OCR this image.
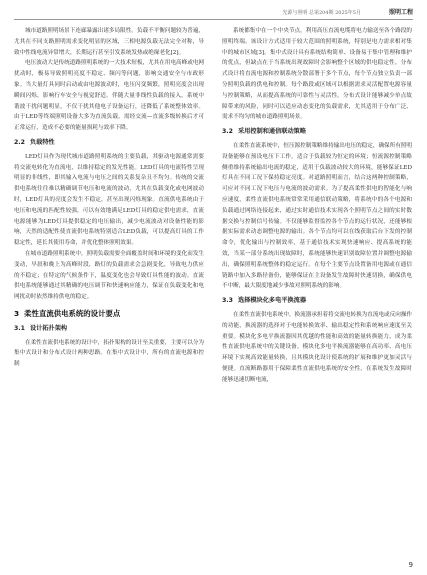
光源与照明 总第204期 2025年5月	照明工程

城市道路照明场景下连廊暴露出诸多局限性。负载不平衡问题较为普遍，尤其在不同支路照明需求变化明显的区域，三相电源负载无法完全对称，导致中性线电流异常增大，长期运行甚至引发系统发热或绝缘老化[2]。

电压波动大是传统道路照明系统的一大技术短板，尤其在用电高峰或电网扰动时，极易导致照明亮度不稳定、频闪等问题，影响交通安全与市政形象。当大量灯具同时启动或由电源波动时，电压闪变频繁，照明亮度会出现瞬间闪烁，影响行车安全与视觉舒适。伴随大量非线性负载的接入，系统中谐波干扰问题明显，不仅干扰其他电子设备运行，还降低了系统整体效率。由于LED等终端照明设备大多为直流负载，需经交流—直流多级转换后才可正常运行，造成不必要的能量损耗与效率下降。

2.2 负载特性

LED灯具作为现代城市道路照明系统的主要负载，其驱动电源通常需要将交流电转化为直流电，以维持稳定的发光性能。LED灯具的电流特性呈现明显的非线性，即其输入电流与电压之间的关系复杂且不均匀。传统的交流供电系统往往难以精确调节电压和电流的波动，尤其在负载变化或电网波动时，LED灯具的亮度会发生不稳定，甚至出现闪烁现象。直流供电系统由于电压和电流的匹配性较强，可以有效地满足LED灯具的稳定供电需求，直流电源能够为LED灯具提供稳定的电压输出，减少电流波动对设备性能的影响，天然的适配性使直流供电系统特别适合LED负载，可以提高灯具的工作稳定性，延长其使用寿命，并优化整体照明效果。

在城市道路照明系统中，照明负载需要全面覆盖时间和环境的变化而发生变动，早晨和晚上为高峰时段，路灯的负载需求会急剧变化，导致电力供应的不稳定；在特定的气候条件下，温度变化也会导致灯具性能的波动。直流供电系统能够通过其精确的电压调节和快速响应能力，保证在负载变化和电网扰动时依然维持供电的稳定。

3 柔性直流供电系统的设计要点
3.1 设计拓扑架构

在柔性直流供电系统的设计中，拓扑架构的设计至关重要，主要可以分为集中式设计和分布式设计两种思路。在集中式设计中，所有的直流电源和控制

系统都集中在一个中央节点，利用高压直流电缆将电力输送至各个路段的照明终端。该设计方式适用于较大范围的照明系统，特别是电力需求相对集中的城市区域[3]。集中式设计具有系统结构简单、设备易于集中管理和维护的优点，但缺点在于当系统出现故障时会影响整个区域的供电稳定性。分布式设计将直流电源和控制系统分散部署于多个节点，每个节点独立负责一部分照明负载的供电和控制。每个路段或区域可以根据需求灵活配置电源容量与控制策略，从而提高系统的可靠性与灵活性。分布式设计能够减少单点故障带来的风险，同时可以适应动态变化的负载需求，尤其适用于分布广泛、需求不均匀的城市道路照明场景。

3.2 采用控制和通信联动策略

在柔性直流系统中，恒压源控制策略维持输出电压的稳定，确保所有照明设备能够在预设电压下工作，适合于负载较为恒定的环境；恒流源控制策略侧重维持系统输出电流的稳定，适用于负载波动较大的环境，能够保证LED灯具在不同工况下保持稳定亮度。对道路照明而言，结合这两种控制策略，可应对不同工况下电压与电流的波动需求。为了提高柔性供电的智能化与响应速度，柔性直流供电系统常常采用通信联动策略，将系统中的各个电源和负载通过网络连接起来，通过实时通信技术实现各个照明节点之间的实时数据交换与控制信号传输。不仅能够监督监控各个节点的运行状况，还能够根据实际需求动态调整电源的输出。各个节点均可以在线获取后台下发的控制命令，优化输出与控制效率，基于通信技术实现快速响应、提高系统的能效，当某一部分系统出现故障时，系统能够快速识别故障位置并调整电源输出，确保照明系统整体的稳定运行。在每个主要节点设置备用电源或在通信链路中加入多路径备份，能够保证在主设备发生故障时快速切换，确保供电不中断，最大限度地减少事故对照明系统的影响。

3.3 选择模块化多电平换流器

在柔性直流供电系统中，换流器承担着将交流电转换为直流电或反向操作的功能，换流器的选择对于电能转换效率、输出稳定性和系统响应速度至关重要。模块化多电平换流器因其优越的性能和高效的能量转换能力，成为柔性直流供电系统中的关键设备。模块化多电平换流器能够在高功率、高电压环境下实现高效能量转换，且其模块化设计使系统的扩展和维护更加灵活与便捷。直流断路器用于保障柔性直流供电系统的安全性，在系统发生故障时能够迅速切断电流，

9
